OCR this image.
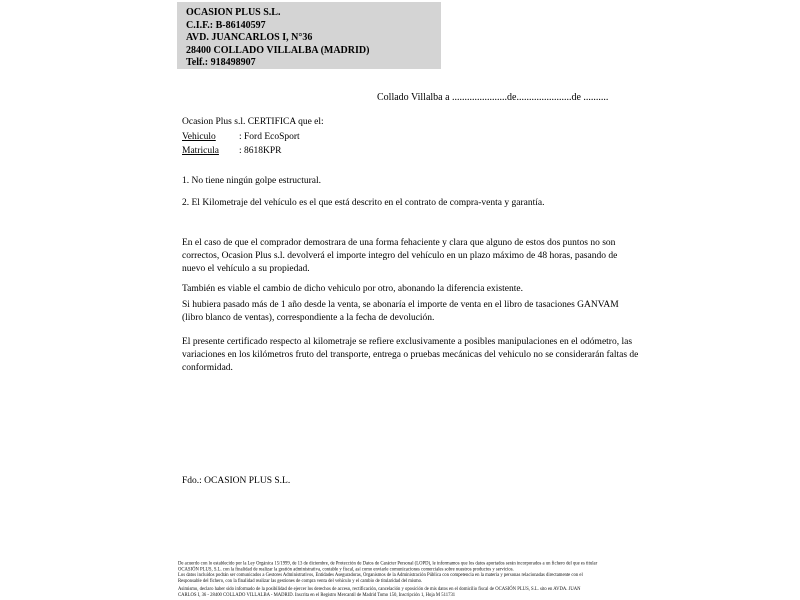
OCASION PLUS S.L.
C.I.F.: B-86140597
AVD. JUANCARLOS I, N°36
28400 COLLADO VILLALBA (MADRID)
Telf.: 918498907
Collado Villalba a ......................de......................de ..........
Ocasion Plus s.l. CERTIFICA que el:
Vehiculo : Ford EcoSport
Matricula : 8618KPR
1. No tiene ningún golpe estructural.
2. El Kilometraje del vehículo es el que está descrito en el contrato de compra-venta y garantía.
En el caso de que el comprador demostrara de una forma fehaciente y clara que alguno de estos dos puntos no son correctos, Ocasion Plus s.l. devolverá el importe integro del vehículo en un plazo máximo de 48 horas, pasando de nuevo el vehículo a su propiedad.
También es viable el cambio de dicho vehiculo por otro, abonando la diferencia existente.
Si hubiera pasado más de 1 año desde la venta, se abonaría el importe de venta en el libro de tasaciones GANVAM (libro blanco de ventas), correspondiente a la fecha de devolución.
El presente certificado respecto al kilometraje se refiere exclusivamente a posibles manipulaciones en el odómetro, las variaciones en los kilómetros fruto del transporte, entrega o pruebas mecánicas del vehiculo no se considerarán faltas de conformidad.
Fdo.: OCASION PLUS S.L.
De acuerdo con lo establecido por la Ley Orgánica 15/1999, de 13 de diciembre, de Protección de Datos de Carácter Personal (LOPD), le informamos que los datos aportados serán incorporados a un fichero del que es titular
OCASIÓN PLUS, S.L. con la finalidad de realizar la gestión administrativa, contable y fiscal, así como enviarle comunicaciones comerciales sobre nuestros productos y servicios.
Los datos incluidos podrán ser comunicados a Gestores Administrativos, Entidades Aseguradoras, Organismos de la Administración Pública con competencia en la materia y personas relacionadas directamente con el
Responsable del fichero, con la finalidad realizar las gestiones de compra venta del vehículo y el cambio de titularidad del mismo.
Asimismo, declaro haber sido informado de la posibilidad de ejercer los derechos de acceso, rectificación, cancelación y oposición de mis datos en el domicilio fiscal de OCASIÓN PLUS, S.L. sito en AVDA. JUAN
CARLOS I, 36 - 28400 COLLADO VILLALBA - MADRID. Inscrita en el Registro Mercantil de Madrid Tomo 150, Inscripción 1, Hoja M 511731
